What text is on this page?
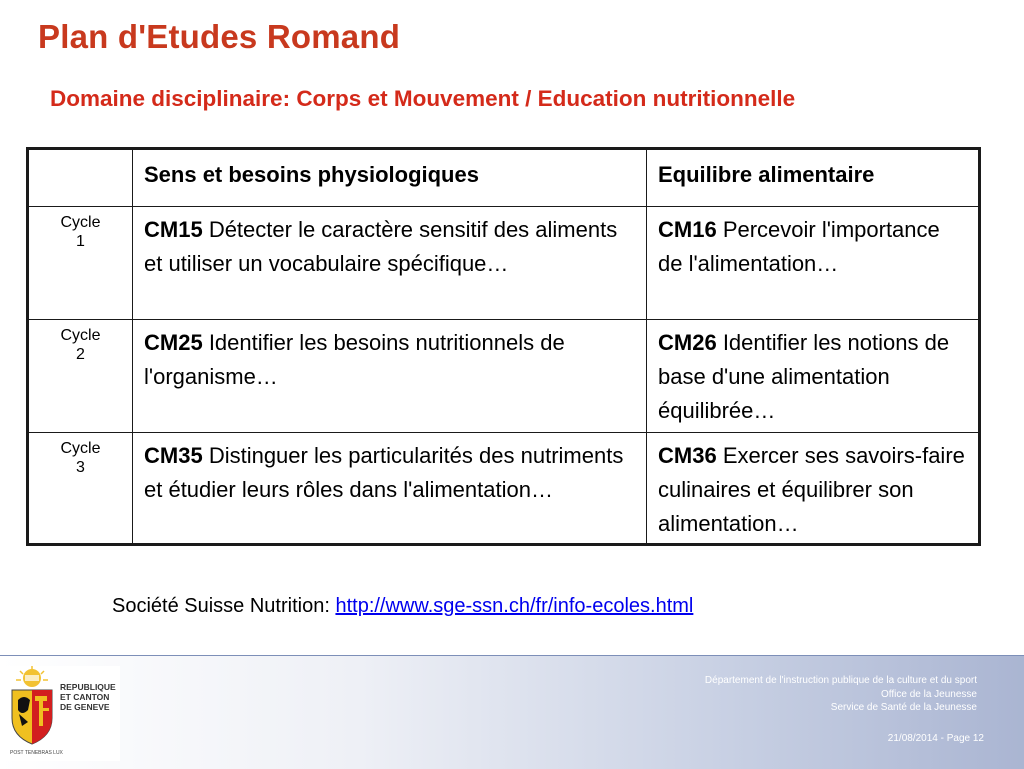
Plan d'Etudes Romand
Domaine disciplinaire: Corps et Mouvement / Education nutritionnelle
	Sens et besoins physiologiques	Equilibre alimentaire
Cycle
1	CM15 Détecter le caractère sensitif des aliments et utiliser un vocabulaire spécifique…	CM16 Percevoir l'importance de l'alimentation…
Cycle
2	CM25 Identifier les besoins nutritionnels de l'organisme…	CM26 Identifier les notions de base d'une alimentation équilibrée…
Cycle
3	CM35 Distinguer les particularités des nutriments et étudier leurs rôles dans l'alimentation…	CM36 Exercer ses savoirs-faire culinaires et équilibrer son alimentation…
Société Suisse Nutrition: http://www.sge-ssn.ch/fr/info-ecoles.html
REPUBLIQUE
ET CANTON
DE GENEVE
POST TENEBRAS LUX
Département de l'instruction publique de la culture et du sport
Office de la Jeunesse
Service de Santé de la Jeunesse
21/08/2014 - Page 12
